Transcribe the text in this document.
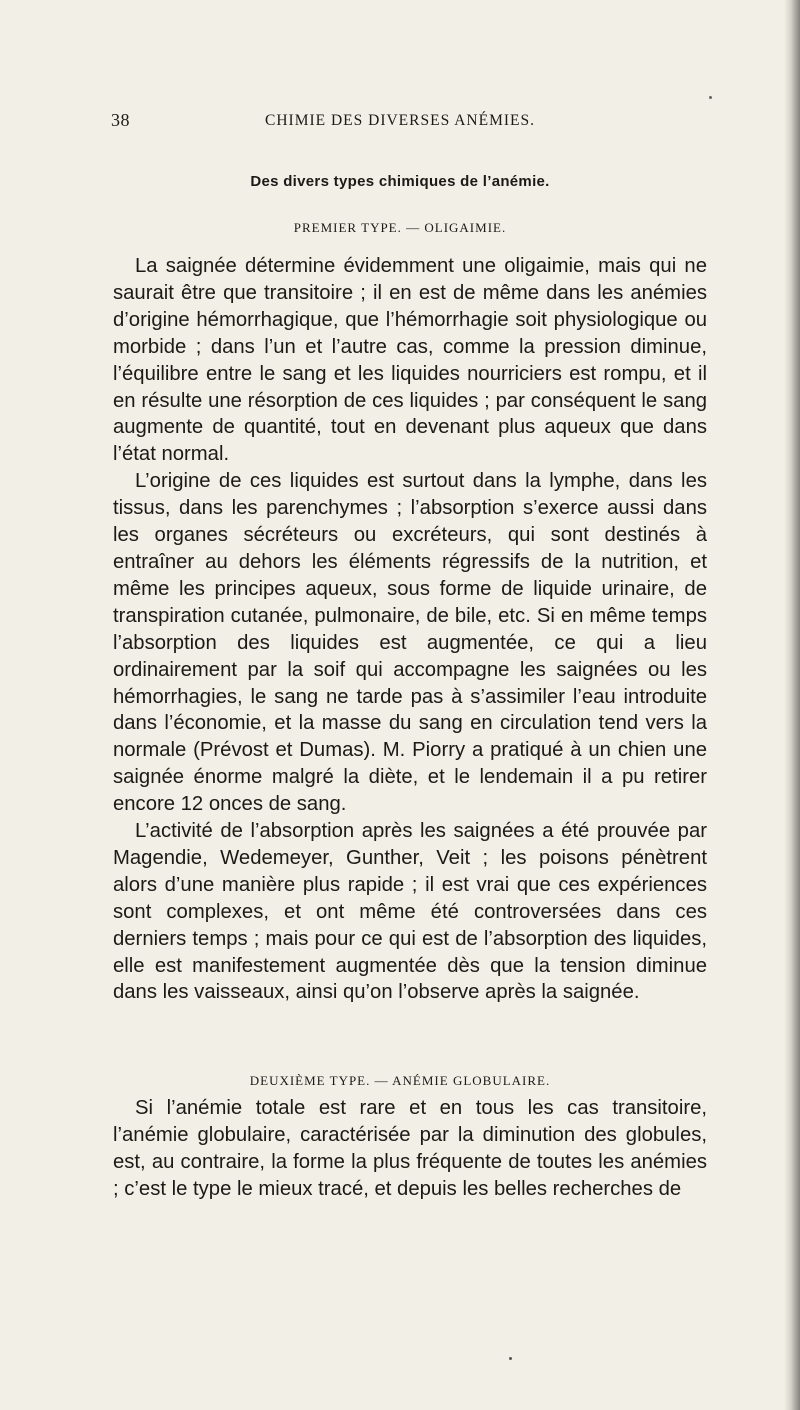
38	CHIMIE DES DIVERSES ANÉMIES.
Des divers types chimiques de l’anémie.
PREMIER TYPE. — OLIGAIMIE.

La saignée détermine évidemment une oligaimie, mais qui ne saurait être que transitoire ; il en est de même dans les anémies d’origine hémorrhagique, que l’hémorrhagie soit physiologique ou morbide ; dans l’un et l’autre cas, comme la pression diminue, l’équilibre entre le sang et les liquides nourriciers est rompu, et il en résulte une résorption de ces liquides ; par conséquent le sang augmente de quantité, tout en devenant plus aqueux que dans l’état normal.

L’origine de ces liquides est surtout dans la lymphe, dans les tissus, dans les parenchymes ; l’absorption s’exerce aussi dans les organes sécréteurs ou excréteurs, qui sont destinés à entraîner au dehors les éléments régressifs de la nutrition, et même les principes aqueux, sous forme de liquide urinaire, de transpiration cutanée, pulmonaire, de bile, etc. Si en même temps l’absorption des liquides est augmentée, ce qui a lieu ordinairement par la soif qui accompagne les saignées ou les hémorrhagies, le sang ne tarde pas à s’assimiler l’eau introduite dans l’économie, et la masse du sang en circulation tend vers la normale (Prévost et Dumas). M. Piorry a pratiqué à un chien une saignée énorme malgré la diète, et le lendemain il a pu retirer encore 12 onces de sang.

L’activité de l’absorption après les saignées a été prouvée par Magendie, Wedemeyer, Gunther, Veit ; les poisons pénètrent alors d’une manière plus rapide ; il est vrai que ces expériences sont complexes, et ont même été controversées dans ces derniers temps ; mais pour ce qui est de l’absorption des liquides, elle est manifestement augmentée dès que la tension diminue dans les vaisseaux, ainsi qu’on l’observe après la saignée.

DEUXIÈME TYPE. — ANÉMIE GLOBULAIRE.

Si l’anémie totale est rare et en tous les cas transitoire, l’anémie globulaire, caractérisée par la diminution des globules, est, au contraire, la forme la plus fréquente de toutes les anémies ; c’est le type le mieux tracé, et depuis les belles recherches de
